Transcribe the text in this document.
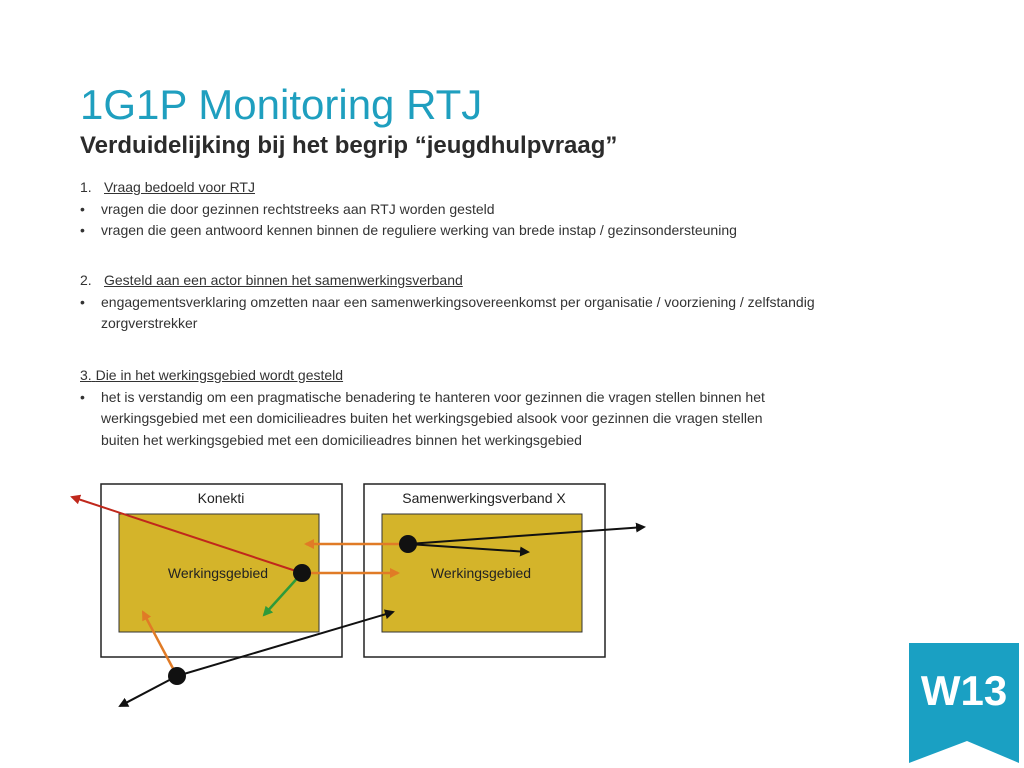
1G1P Monitoring RTJ
Verduidelijking bij het begrip “jeugdhulpvraag”
1. Vraag bedoeld voor RTJ
• vragen die door gezinnen rechtstreeks aan RTJ worden gesteld
• vragen die geen antwoord kennen binnen de reguliere werking van brede instap / gezinsondersteuning
2. Gesteld aan een actor binnen het samenwerkingsverband
• engagementsverklaring omzetten naar een samenwerkingsovereenkomst per organisatie / voorziening / zelfstandig zorgverstrekker
3. Die in het werkingsgebied wordt gesteld
• het is verstandig om een pragmatische benadering te hanteren voor gezinnen die vragen stellen binnen het werkingsgebied met een domicilieadres buiten het werkingsgebied alsook voor gezinnen die vragen stellen buiten het werkingsgebied met een domicilieadres binnen het werkingsgebied
Konekti	Samenwerkingsverband X
Werkingsgebied	Werkingsgebied
W13
